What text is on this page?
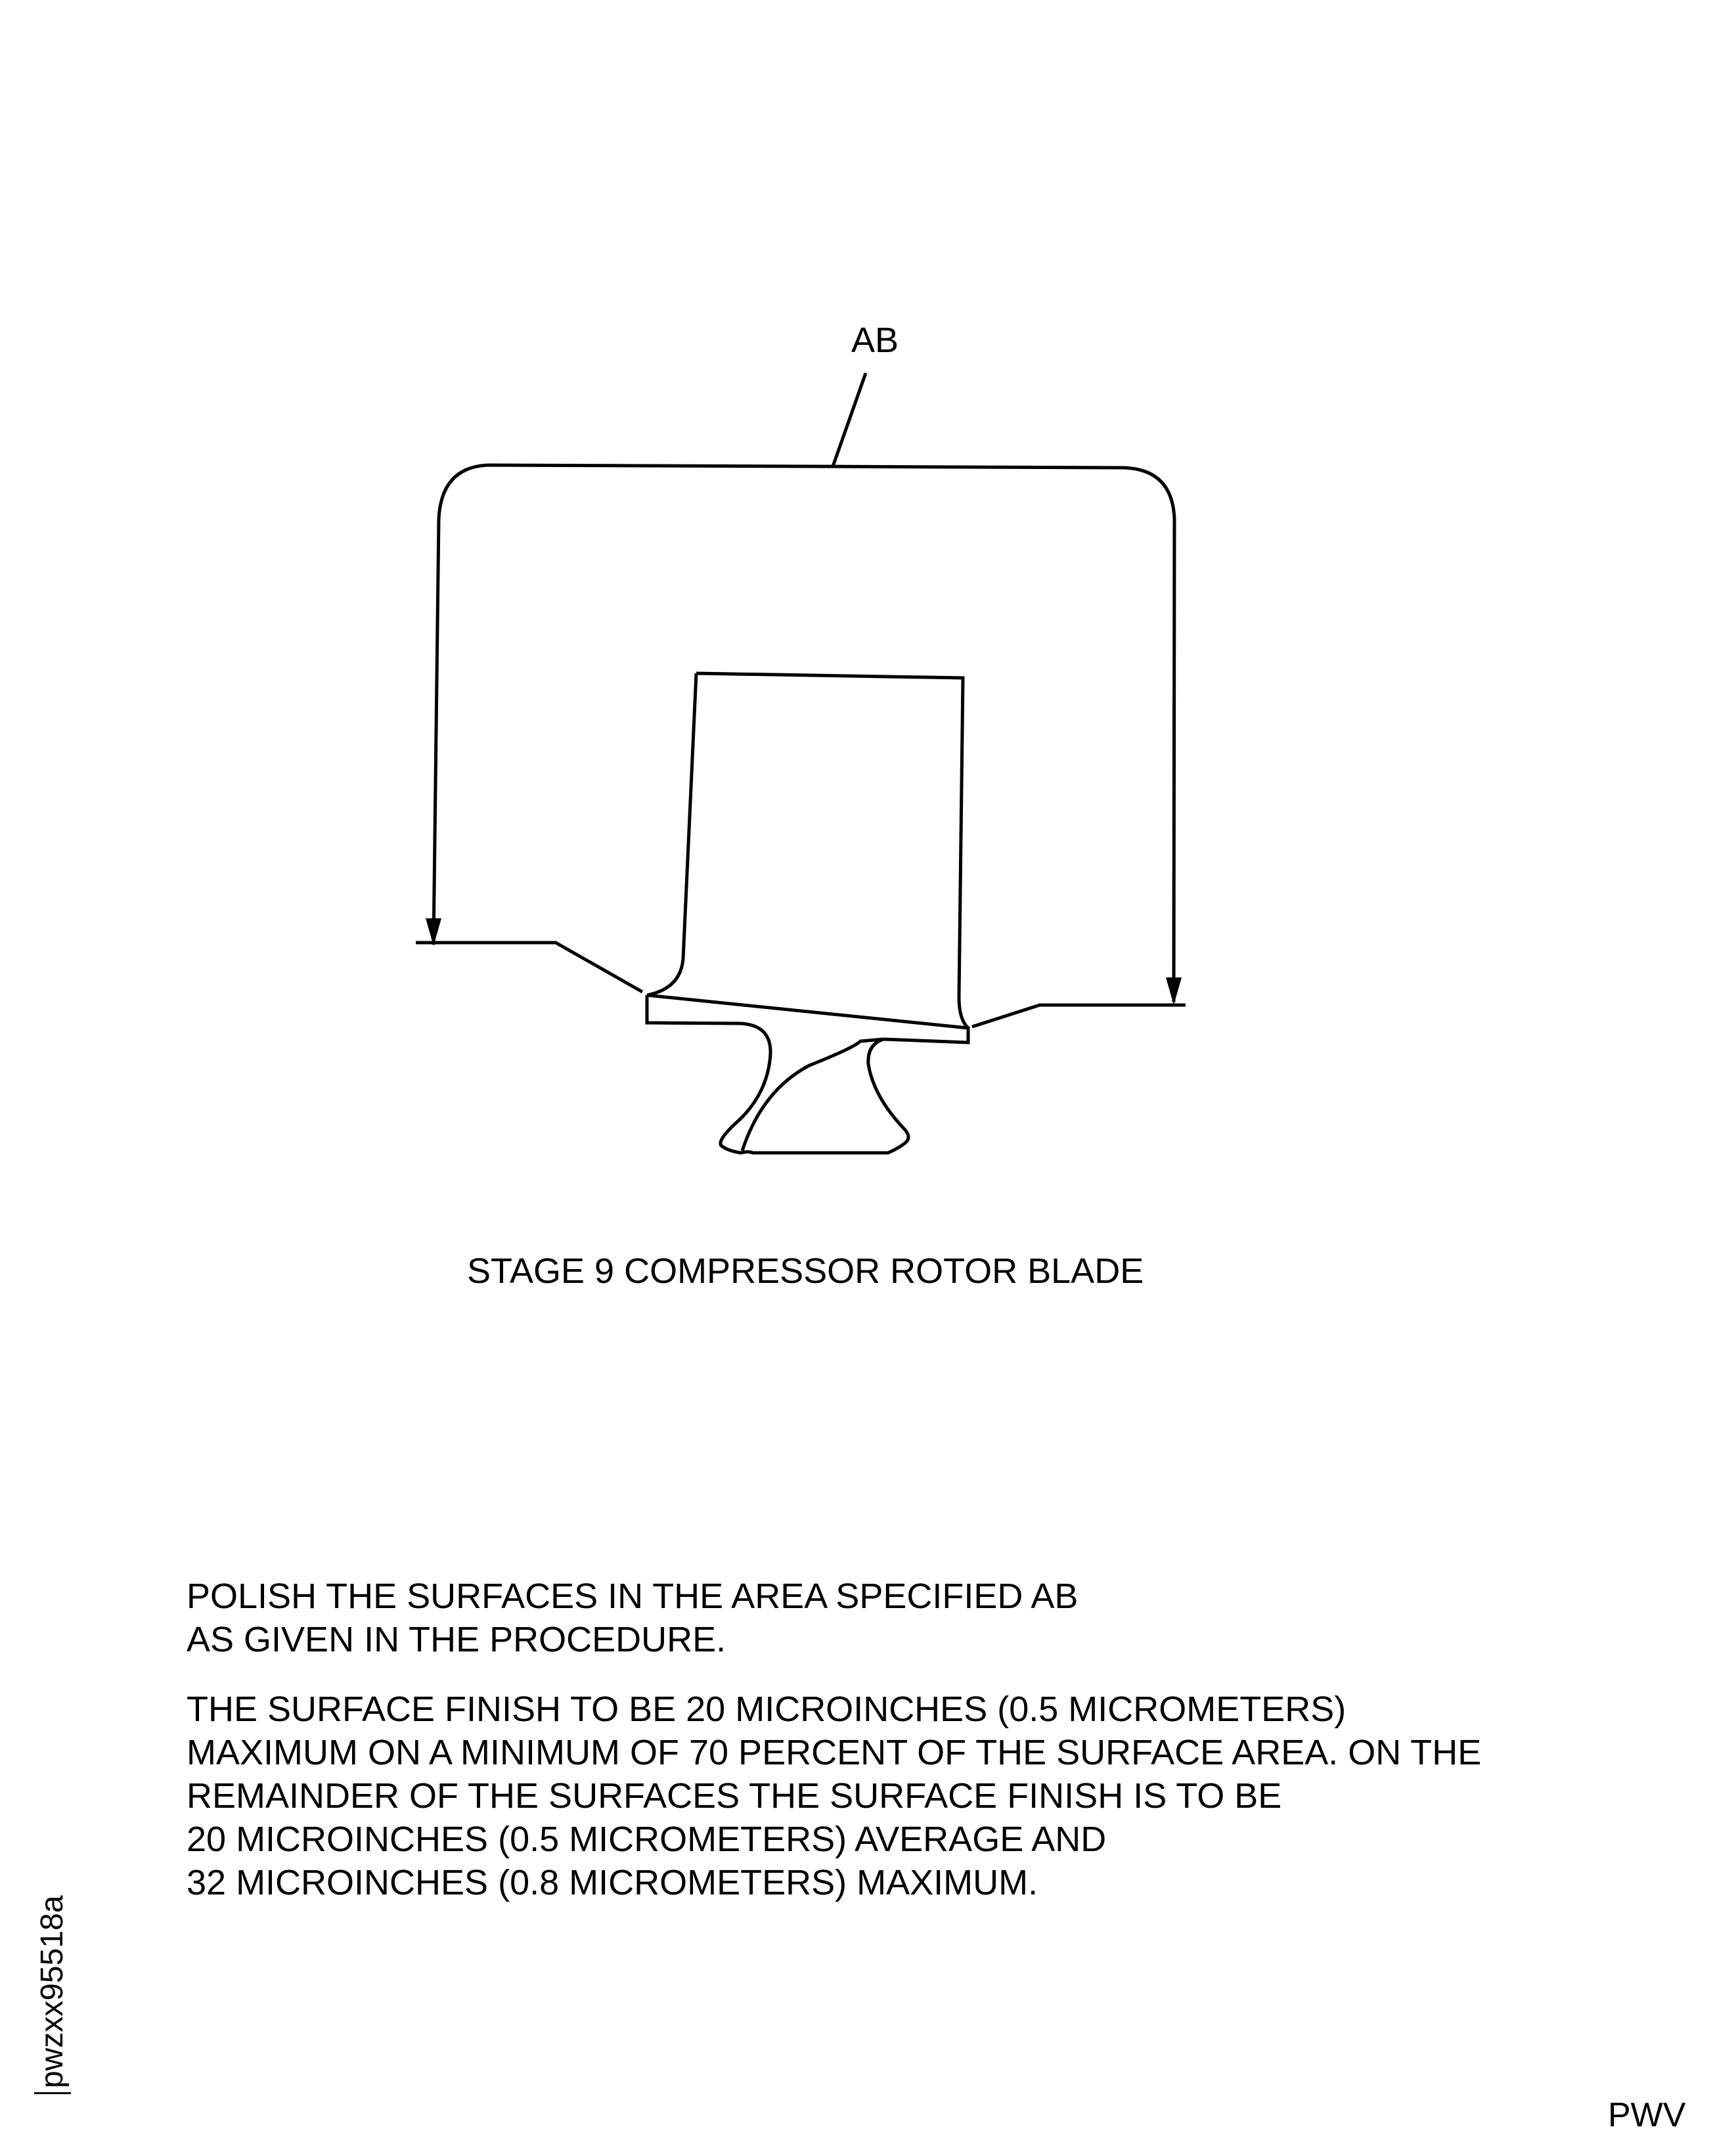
AB
STAGE 9 COMPRESSOR ROTOR BLADE
POLISH THE SURFACES IN THE AREA SPECIFIED AB
AS GIVEN IN THE PROCEDURE.
THE SURFACE FINISH TO BE 20 MICROINCHES (0.5 MICROMETERS)
MAXIMUM ON A MINIMUM OF 70 PERCENT OF THE SURFACE AREA. ON THE
REMAINDER OF THE SURFACES THE SURFACE FINISH IS TO BE
20 MICROINCHES (0.5 MICROMETERS) AVERAGE AND
32 MICROINCHES (0.8 MICROMETERS) MAXIMUM.
pwzxx95518a
PWV
